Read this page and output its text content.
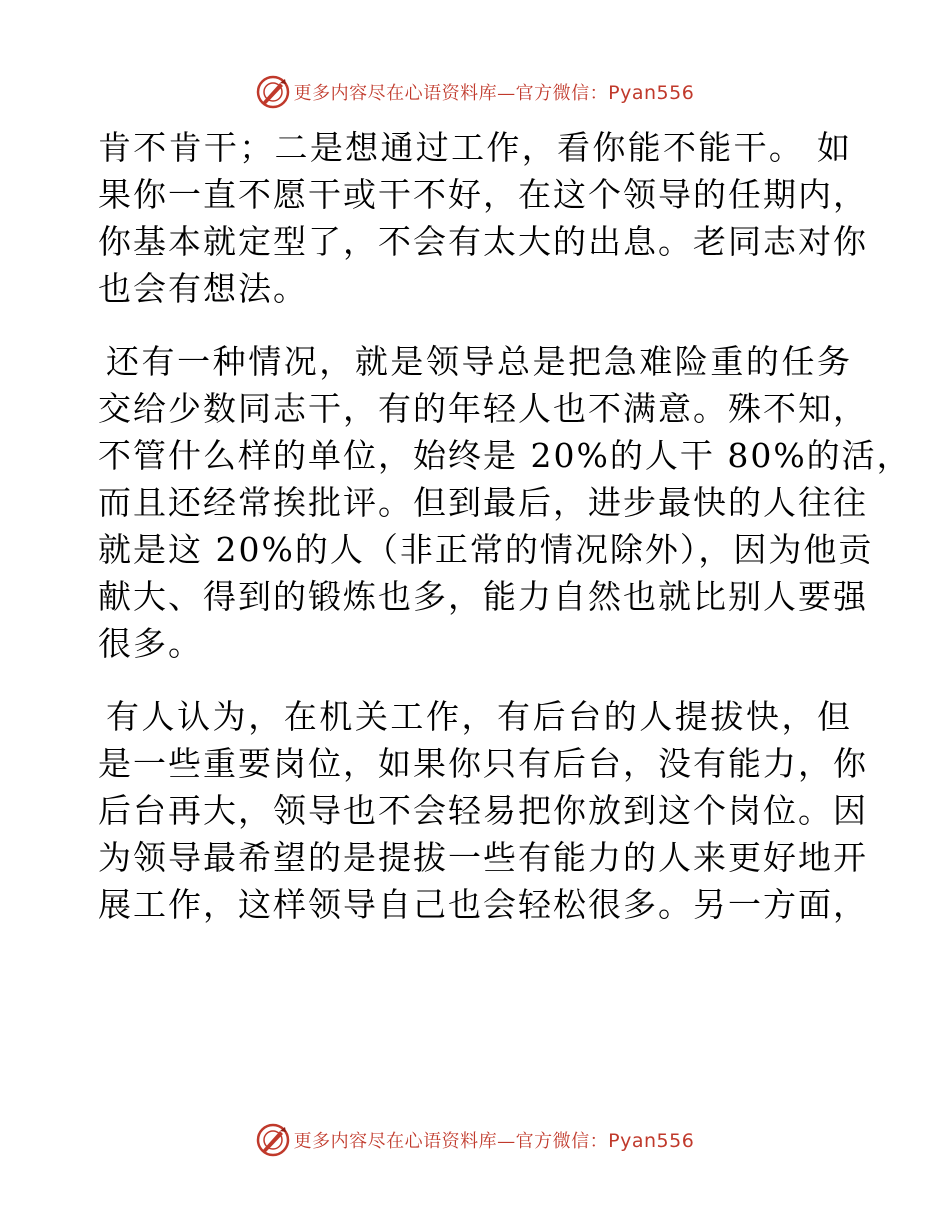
更多内容尽在心语资料库—官方微信：Pyan556
肯不肯干；二是想通过工作，看你能不能干。 如
果你一直不愿干或干不好，在这个领导的任期内，
你基本就定型了，不会有太大的出息。老同志对你
也会有想法。
还有一种情况，就是领导总是把急难险重的任务
交给少数同志干，有的年轻人也不满意。殊不知，
不管什么样的单位，始终是 20%的人干 80%的活，
而且还经常挨批评。但到最后，进步最快的人往往
就是这 20%的人（非正常的情况除外），因为他贡
献大、得到的锻炼也多，能力自然也就比别人要强
很多。
有人认为，在机关工作，有后台的人提拔快，但
是一些重要岗位，如果你只有后台，没有能力，你
后台再大，领导也不会轻易把你放到这个岗位。因
为领导最希望的是提拔一些有能力的人来更好地开
展工作，这样领导自己也会轻松很多。另一方面，
更多内容尽在心语资料库—官方微信：Pyan556
